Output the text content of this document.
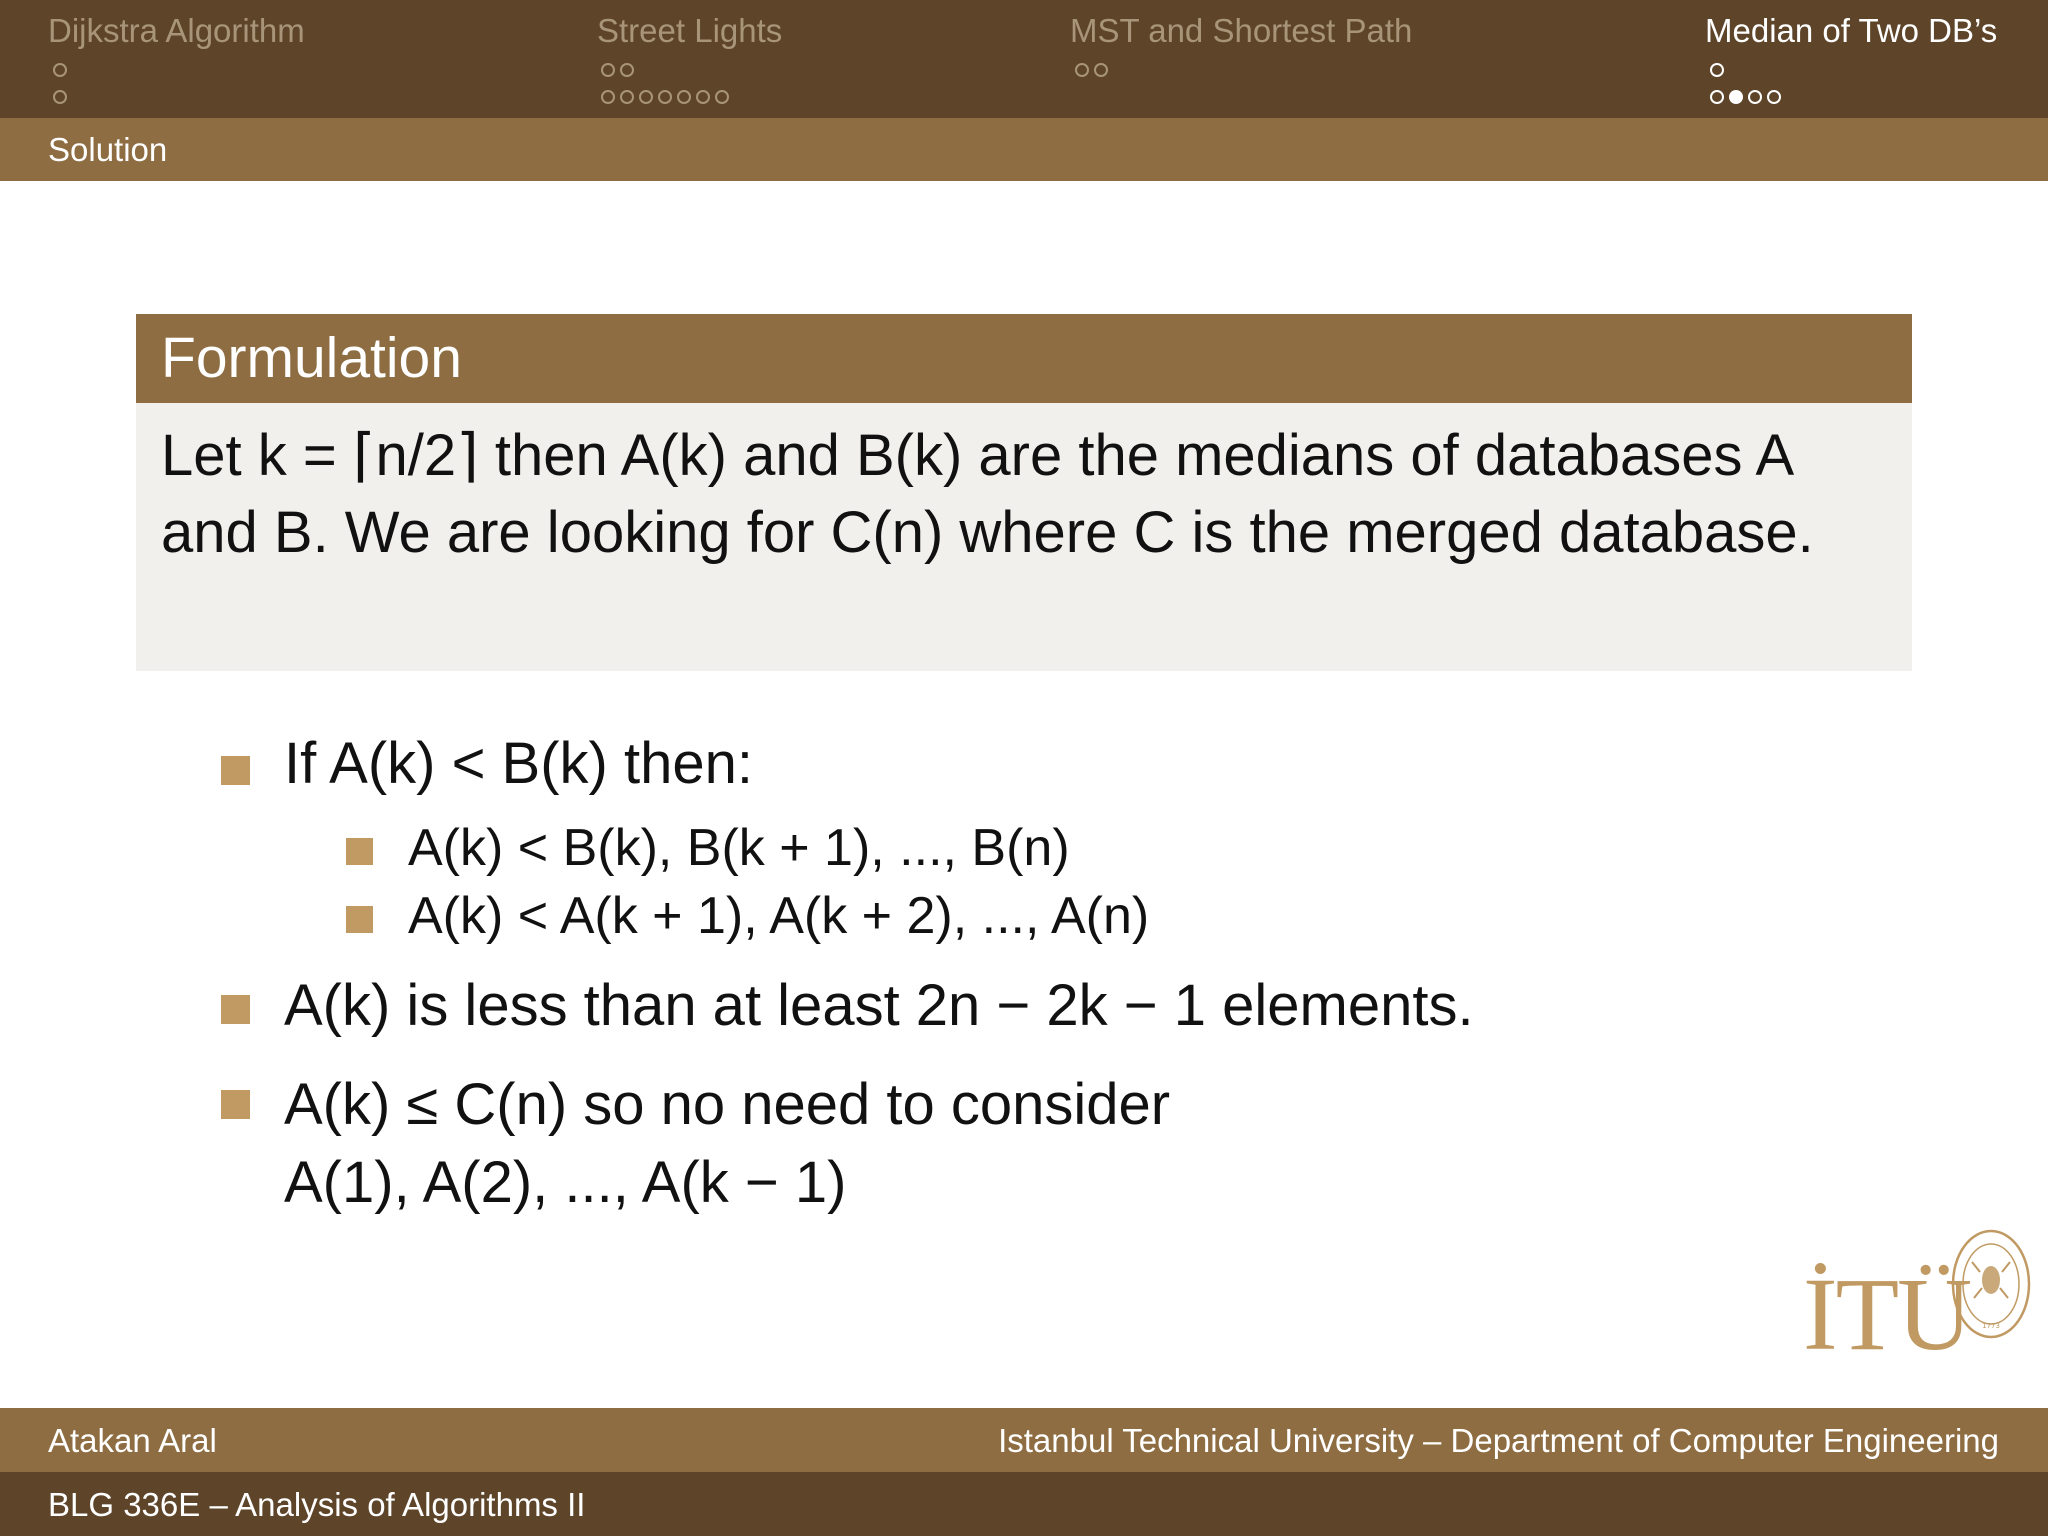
Dijkstra Algorithm	Street Lights	MST and Shortest Path	Median of Two DB’s
Solution
Formulation
Let k = ⌈n/2⌉ then A(k) and B(k) are the medians of databases A and B. We are looking for C(n) where C is the merged database.
If A(k) < B(k) then:
A(k) < B(k), B(k + 1), ..., B(n)
A(k) < A(k + 1), A(k + 2), ..., A(n)
A(k) is less than at least 2n − 2k − 1 elements.
A(k) ≤ C(n) so no need to consider A(1), A(2), ..., A(k − 1)
İTÜ 1773
Atakan Aral	Istanbul Technical University – Department of Computer Engineering
BLG 336E – Analysis of Algorithms II
